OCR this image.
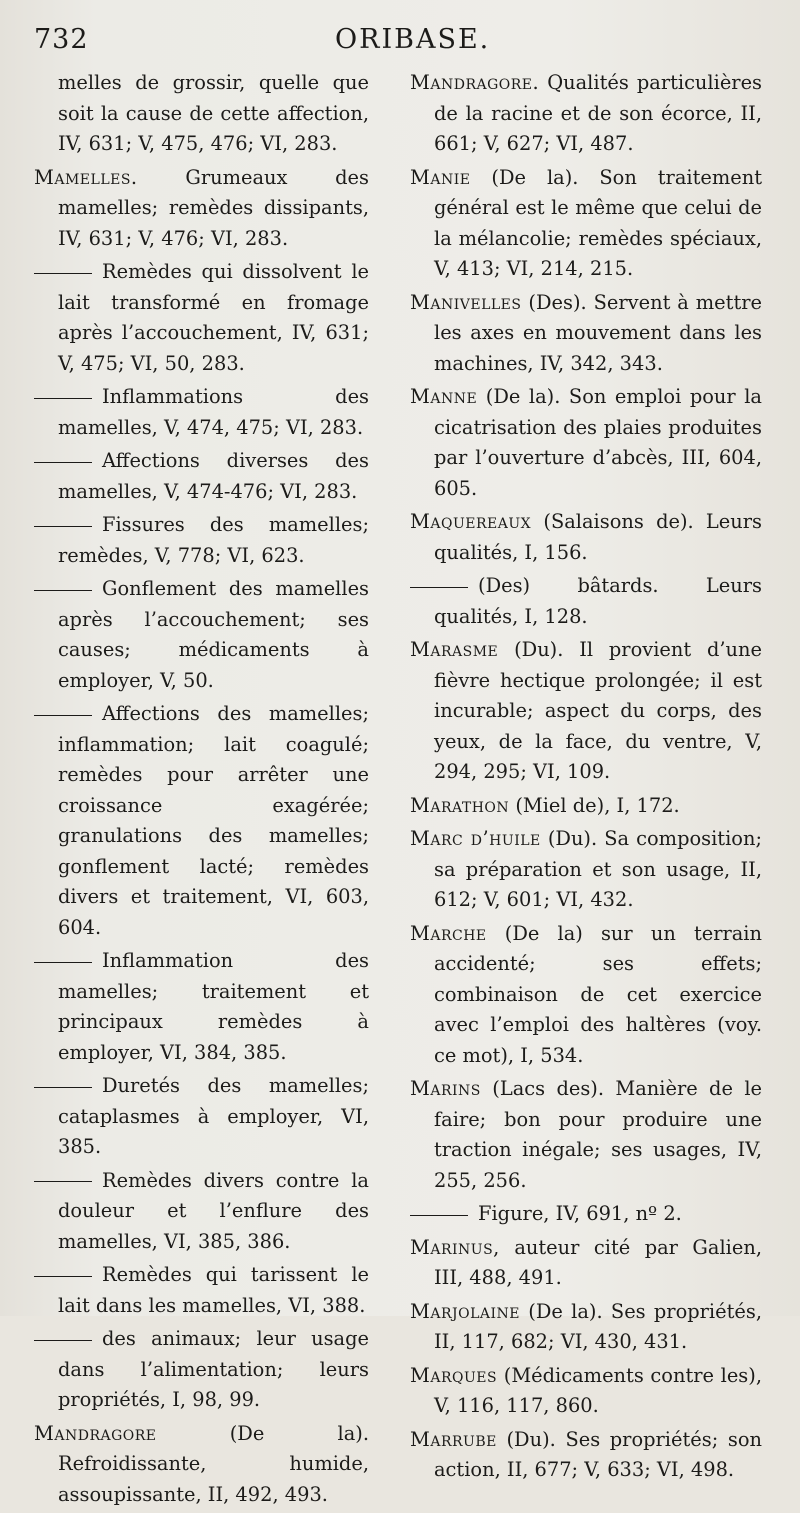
732	ORIBASE.
melles de grossir, quelle que soit la cause de cette affection, IV, 631; V, 475, 476; VI, 283.
Mamelles. Grumeaux des mamelles; remèdes dissipants, IV, 631; V, 476; VI, 283.
Remèdes qui dissolvent le lait transformé en fromage après l’accouchement, IV, 631; V, 475; VI, 50, 283.
Inflammations des mamelles, V, 474, 475; VI, 283.
Affections diverses des mamelles, V, 474-476; VI, 283.
Fissures des mamelles; remèdes, V, 778; VI, 623.
Gonflement des mamelles après l’accouchement; ses causes; médicaments à employer, V, 50.
Affections des mamelles; inflammation; lait coagulé; remèdes pour arrêter une croissance exagérée; granulations des mamelles; gonflement lacté; remèdes divers et traitement, VI, 603, 604.
Inflammation des mamelles; traitement et principaux remèdes à employer, VI, 384, 385.
Duretés des mamelles; cataplasmes à employer, VI, 385.
Remèdes divers contre la douleur et l’enflure des mamelles, VI, 385, 386.
Remèdes qui tarissent le lait dans les mamelles, VI, 388.
des animaux; leur usage dans l’alimentation; leurs propriétés, I, 98, 99.
Mandragore	(De la). Refroidissante, humide, assoupissante, II, 492, 493.
Mandragore. Qualités particulières de la racine et de son écorce, II, 661; V, 627; VI, 487.
Manie (De la). Son traitement général est le même que celui de la mélancolie; remèdes spéciaux, V, 413; VI, 214, 215.
Manivelles (Des). Servent à mettre les axes en mouvement dans les machines, IV, 342, 343.
Manne (De la). Son emploi pour la cicatrisation des plaies produites par l’ouverture d’abcès, III, 604, 605.
Maquereaux (Salaisons de). Leurs qualités, I, 156.
(Des) bâtards. Leurs qualités, I, 128.
Marasme (Du). Il provient d’une fièvre hectique prolongée; il est incurable; aspect du corps, des yeux, de la face, du ventre, V, 294, 295; VI, 109.
Marathon (Miel de), I, 172.
Marc d’huile (Du). Sa composition; sa préparation et son usage, II, 612; V, 601; VI, 432.
Marche (De la) sur un terrain accidenté; ses effets; combinaison de cet exercice avec l’emploi des haltères (voy. ce mot), I, 534.
Marins (Lacs des). Manière de le faire; bon pour produire une traction inégale; ses usages, IV, 255, 256.
Figure, IV, 691, nº 2.
Marinus, auteur cité par Galien, III, 488, 491.
Marjolaine (De la). Ses propriétés, II, 117, 682; VI, 430, 431.
Marques (Médicaments contre les), V, 116, 117, 860.
Marrube (Du). Ses propriétés; son action, II, 677; V, 633; VI, 498.
